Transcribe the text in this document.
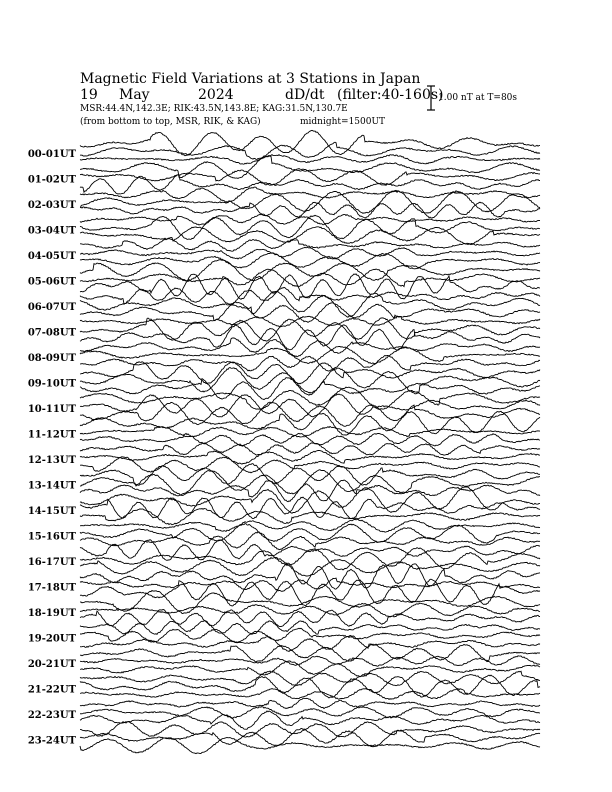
Magnetic Field Variations at 3 Stations in Japan
19 May	2024	dD/dt (filter:40-160s)
MSR:44.4N,142.3E; RIK:43.5N,143.8E; KAG:31.5N,130.7E
(from bottom to top, MSR, RIK, & KAG)	midnight=1500UT
1.00 nT at T=80s
00-01UT
01-02UT
02-03UT
03-04UT
04-05UT
05-06UT
06-07UT
07-08UT
08-09UT
09-10UT
10-11UT
11-12UT
12-13UT
13-14UT
14-15UT
15-16UT
16-17UT
17-18UT
18-19UT
19-20UT
20-21UT
21-22UT
22-23UT
23-24UT
